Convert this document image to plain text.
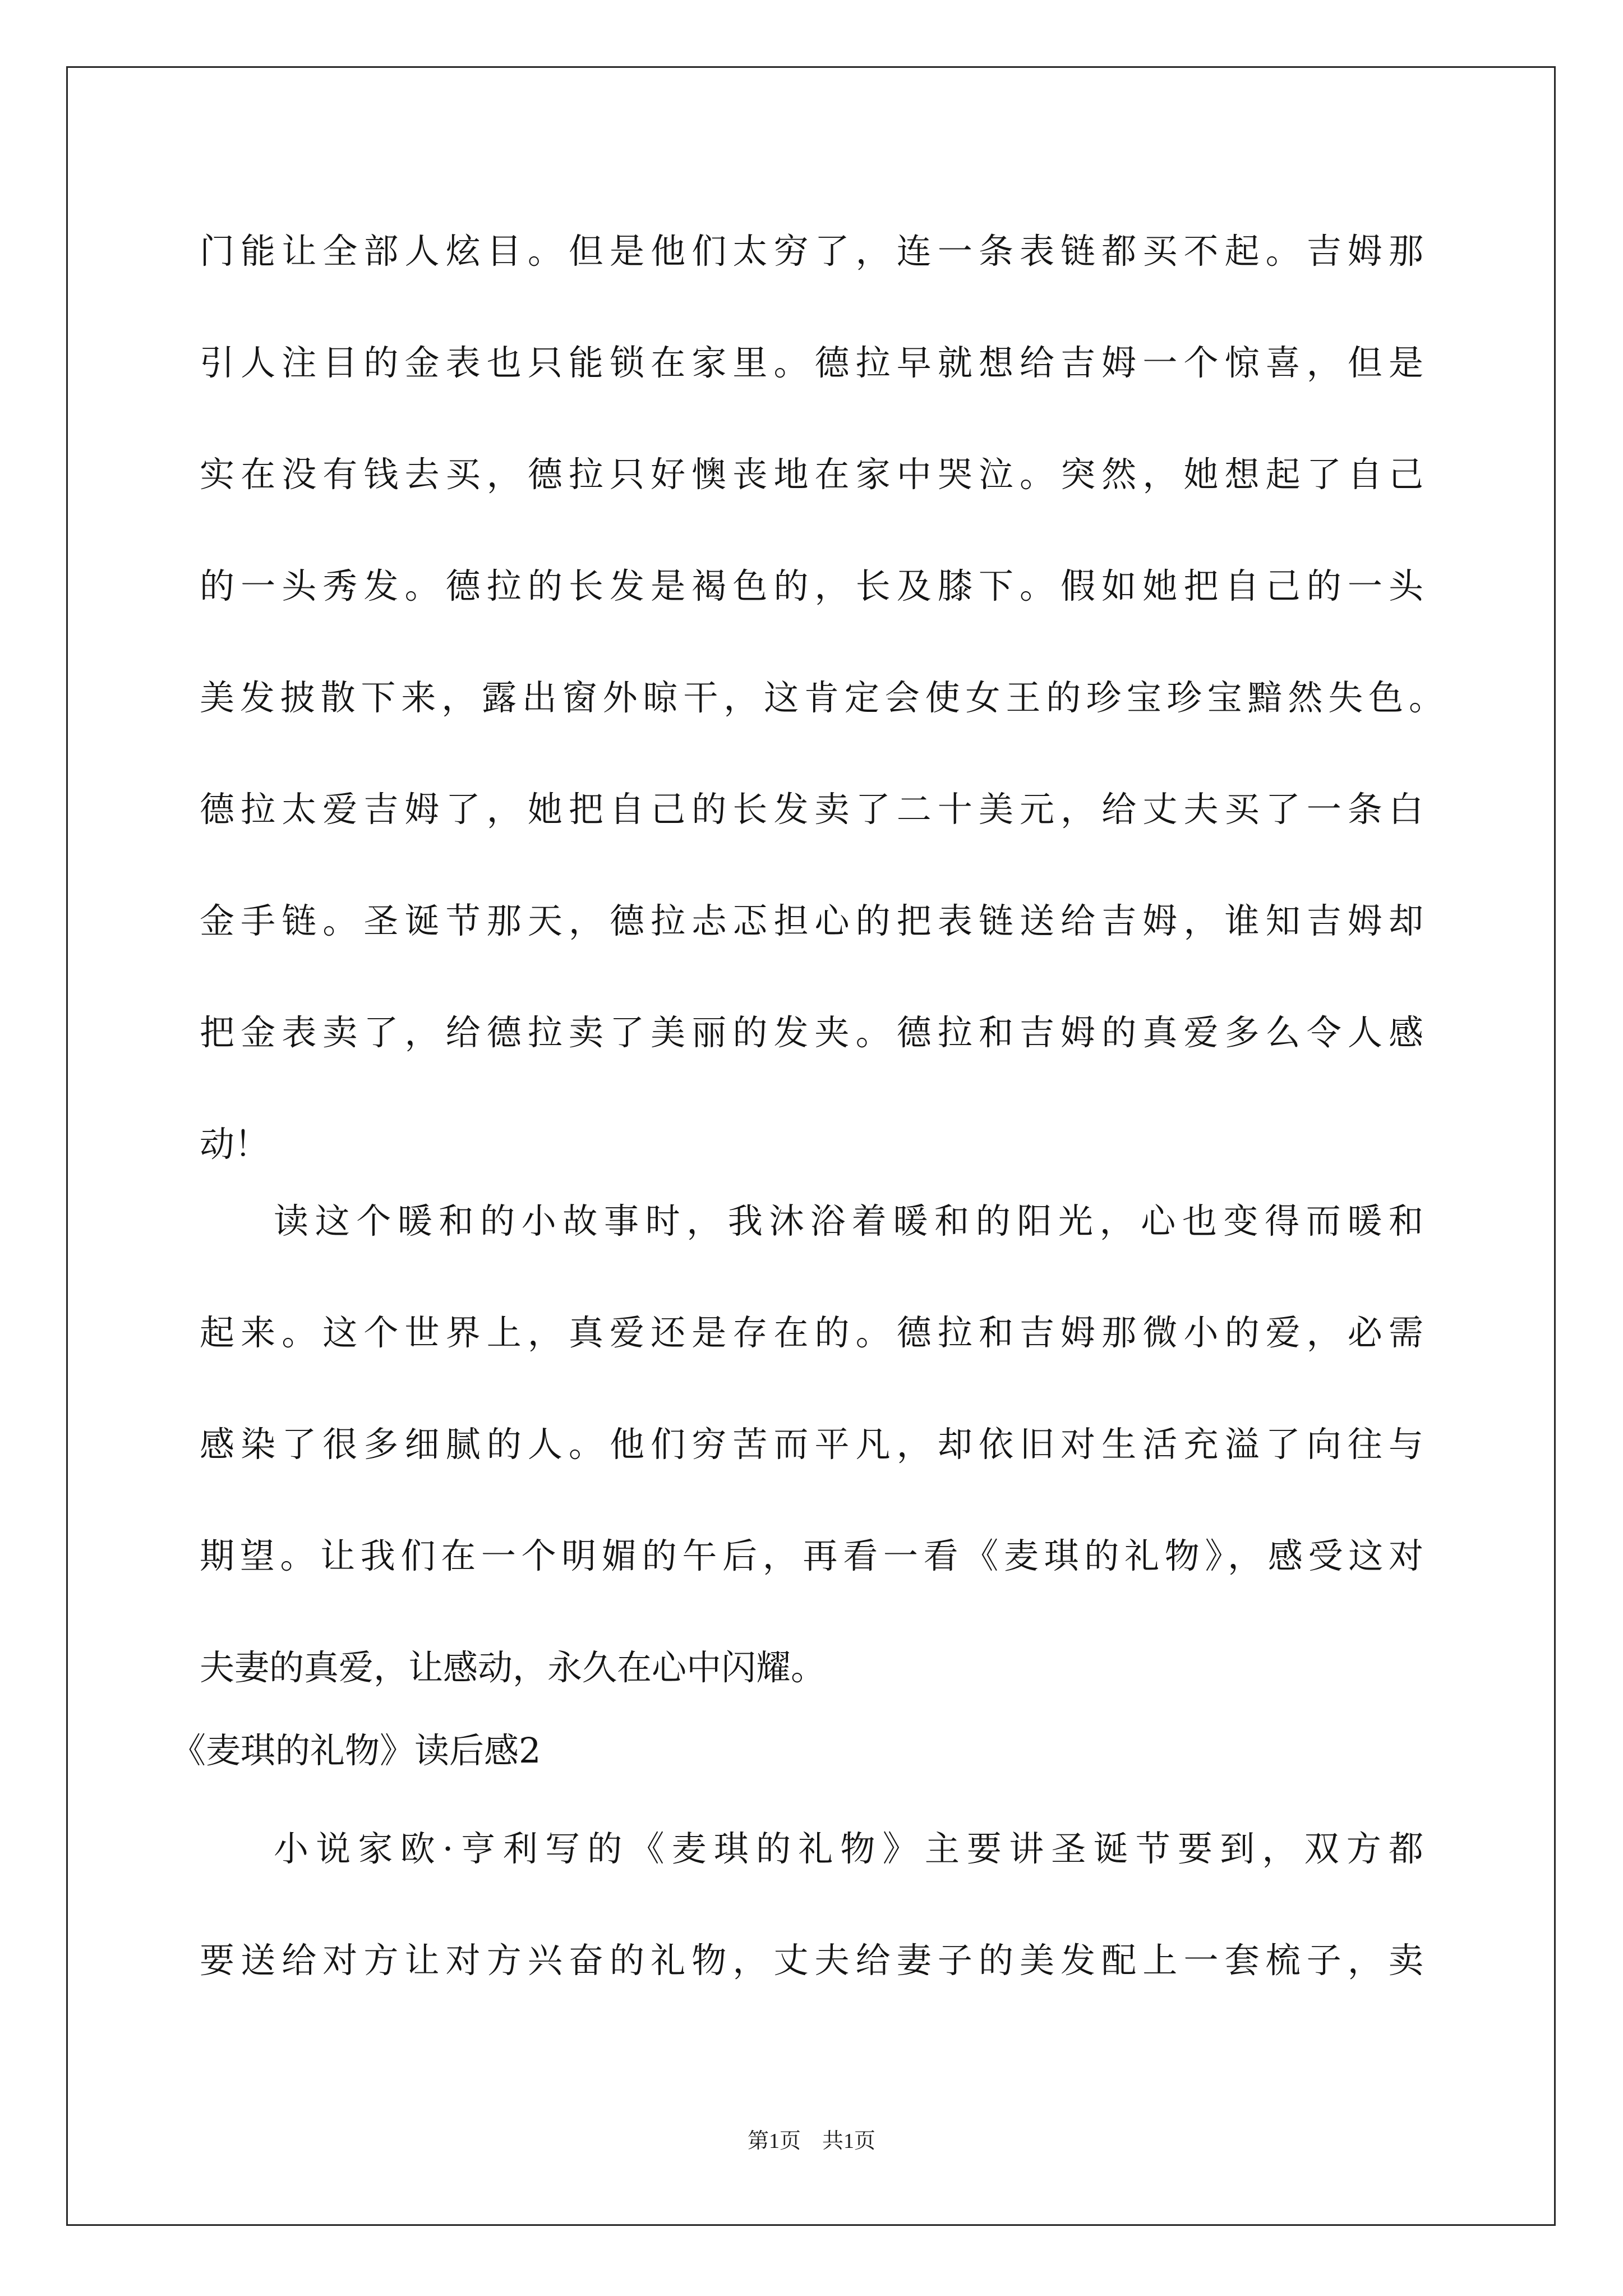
门能让全部人炫目。但是他们太穷了，连一条表链都买不起。吉姆那
引人注目的金表也只能锁在家里。德拉早就想给吉姆一个惊喜，但是
实在没有钱去买，德拉只好懊丧地在家中哭泣。突然，她想起了自己
的一头秀发。德拉的长发是褐色的，长及膝下。假如她把自己的一头
美发披散下来，露出窗外晾干，这肯定会使女王的珍宝珍宝黯然失色。
德拉太爱吉姆了，她把自己的长发卖了二十美元，给丈夫买了一条白
金手链。圣诞节那天，德拉忐忑担心的把表链送给吉姆，谁知吉姆却
把金表卖了，给德拉卖了美丽的发夹。德拉和吉姆的真爱多么令人感
动！
读这个暖和的小故事时，我沐浴着暖和的阳光，心也变得而暖和
起来。这个世界上，真爱还是存在的。德拉和吉姆那微小的爱，必需
感染了很多细腻的人。他们穷苦而平凡，却依旧对生活充溢了向往与
期望。让我们在一个明媚的午后，再看一看《麦琪的礼物》，感受这对
夫妻的真爱，让感动，永久在心中闪耀。
《麦琪的礼物》读后感2
小说家欧·亨利写的《麦琪的礼物》主要讲圣诞节要到，双方都
要送给对方让对方兴奋的礼物，丈夫给妻子的美发配上一套梳子，卖
第1页　共1页
